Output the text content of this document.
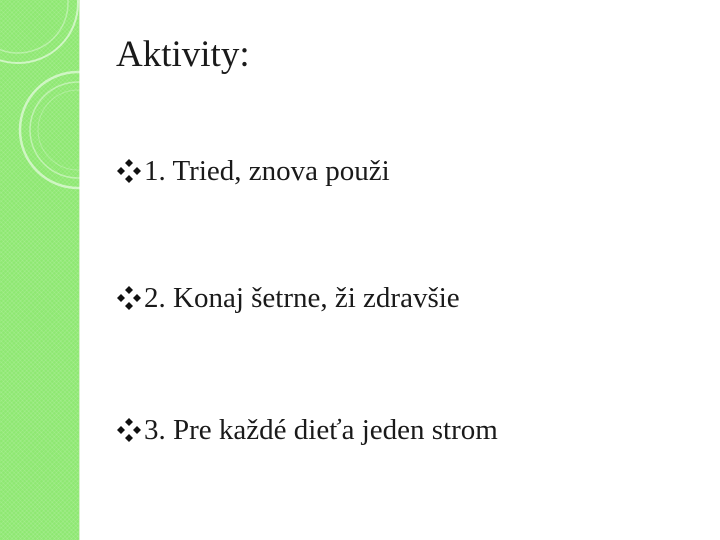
Aktivity:
1. Tried, znova použi
2. Konaj šetrne, ži zdravšie
3. Pre každé dieťa jeden strom
